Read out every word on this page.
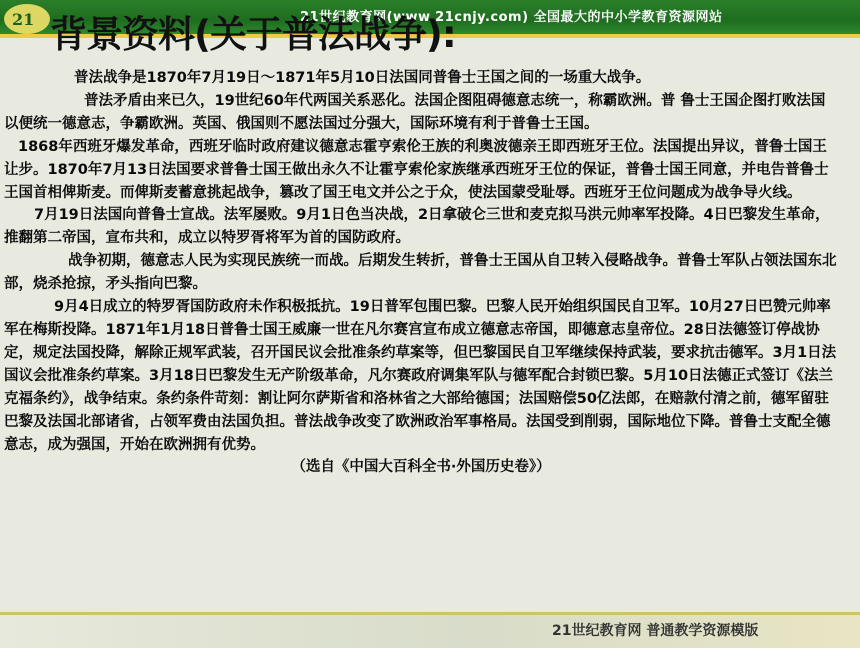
21	21世纪教育网(www.21cnjy.com) 全国最大的中小学教育资源网站
背景资料(关于普法战争):

普法战争是1870年7月19日～1871年5月10日法国同普鲁士王国之间的一场重大战争。

普法矛盾由来已久，19世纪60年代两国关系恶化。法国企图阻碍德意志统一，称霸欧洲。普 鲁士王国企图打败法国以便统一德意志，争霸欧洲。英国、俄国则不愿法国过分强大，国际环境有利于普鲁士王国。

1868年西班牙爆发革命，西班牙临时政府建议德意志霍亨索伦王族的利奥波德亲王即西班牙王位。法国提出异议，普鲁士国王让步。1870年7月13日法国要求普鲁士国王做出永久不让霍亨索伦家族继承西班牙王位的保证，普鲁士国王同意，并电告普鲁士王国首相俾斯麦。而俾斯麦蓄意挑起战争，篡改了国王电文并公之于众，使法国蒙受耻辱。西班牙王位问题成为战争导火线。

7月19日法国向普鲁士宣战。法军屡败。9月1日色当决战，2日拿破仑三世和麦克拟马洪元帅率军投降。4日巴黎发生革命，推翻第二帝国，宣布共和，成立以特罗胥将军为首的国防政府。

战争初期，德意志人民为实现民族统一而战。后期发生转折，普鲁士王国从自卫转入侵略战争。普鲁士军队占领法国东北部，烧杀抢掠，矛头指向巴黎。

9月4日成立的特罗胥国防政府未作积极抵抗。19日普军包围巴黎。巴黎人民开始组织国民自卫军。10月27日巴赞元帅率军在梅斯投降。1871年1月18日普鲁士国王威廉一世在凡尔赛宫宣布成立德意志帝国，即德意志皇帝位。28日法德签订停战协定，规定法国投降，解除正规军武装，召开国民议会批准条约草案等，但巴黎国民自卫军继续保持武装，要求抗击德军。3月1日法国议会批准条约草案。3月18日巴黎发生无产阶级革命，凡尔赛政府调集军队与德军配合封锁巴黎。5月10日法德正式签订《法兰克福条约》，战争结束。条约条件苛刻：割让阿尔萨斯省和洛林省之大部给德国；法国赔偿50亿法郎，在赔款付清之前，德军留驻巴黎及法国北部诸省，占领军费由法国负担。普法战争改变了欧洲政治军事格局。法国受到削弱，国际地位下降。普鲁士支配全德意志，成为强国，开始在欧洲拥有优势。

（选自《中国大百科全书·外国历史卷》）

21世纪教育网 普通教学资源模版
